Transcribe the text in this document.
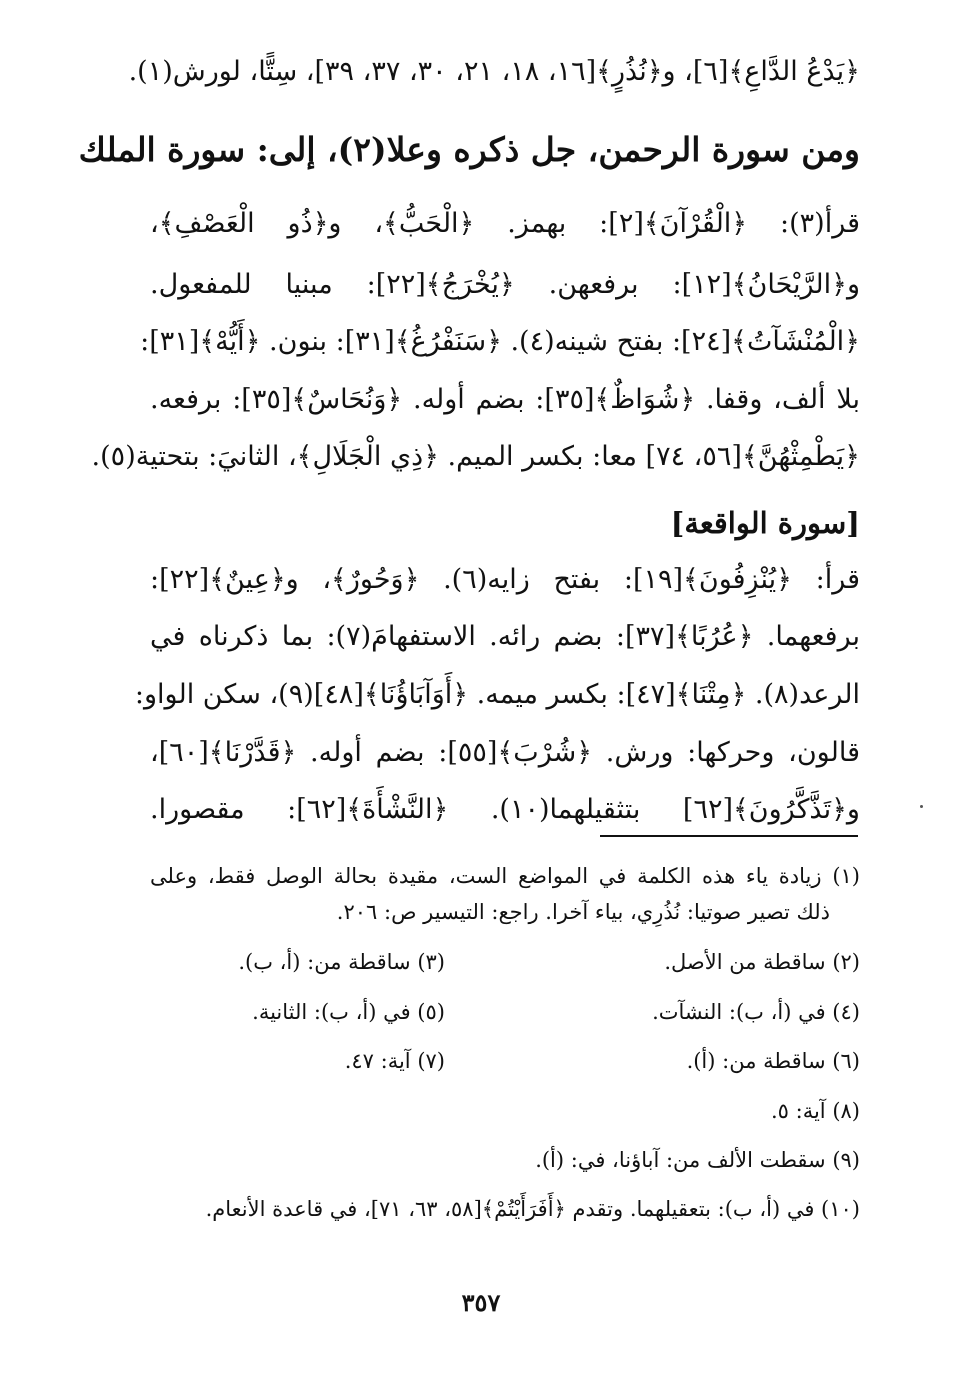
﴿يَدْعُ الدَّاعِ﴾[٦]، و﴿نُذُرٍ﴾[١٦، ١٨، ٢١، ٣٠، ٣٧، ٣٩]، سِتًّا، لورش(١).
ومن سورة الرحمن، جل ذكره وعلا(٢)، إلى: سورة الملك
قرأ(٣): ﴿الْقُرْآنَ﴾[٢]: بهمز. ﴿الْحَبُّ﴾، و﴿ذُو الْعَصْفِ﴾،
و﴿الرَّيْحَانُ﴾[١٢]: برفعهن. ﴿يُخْرَجُ﴾[٢٢]: مبنيا للمفعول.
﴿الْمُنْشَآتُ﴾[٢٤]: بفتح شينه(٤). ﴿سَنَفْرُغُ﴾[٣١]: بنون. ﴿أَيُّهْ﴾[٣١]:
بلا ألف، وقفا. ﴿شُوَاظٌ﴾[٣٥]: بضم أوله. ﴿وَنُحَاسٌ﴾[٣٥]: برفعه.
﴿يَطْمِثْهُنَّ﴾[٥٦، ٧٤] معا: بكسر الميم. ﴿ذِي الْجَلَالِ﴾، الثانيَ: بتحتية(٥).
[سورة الواقعة]
قرأ: ﴿يُنْزِفُونَ﴾[١٩]: بفتح زايه(٦). ﴿وَحُورٌ﴾، و﴿عِينٌ﴾[٢٢]:
برفعهما. ﴿عُرُبًا﴾[٣٧]: بضم رائه. الاستفهامَ(٧): بما ذكرناه في
الرعد(٨). ﴿مِتْنَا﴾[٤٧]: بكسر ميمه. ﴿أَوَآبَاؤُنَا﴾[٤٨](٩)، سكن الواو:
قالون، وحركها: ورش. ﴿شُرْبَ﴾[٥٥]: بضم أوله. ﴿قَدَّرْنَا﴾[٦٠]،
و﴿تَذَّكَّرُونَ﴾[٦٢] بتثقيلهما(١٠). ﴿النَّشْأَةَ﴾[٦٢]: مقصورا.
(١) زيادة ياء هذه الكلمة في المواضع الست، مقيدة بحالة الوصل فقط، وعلى
ذلك تصير صوتيا: نُذُرِي، بياء آخرا. راجع: التيسير ص: ٢٠٦.
(٢) ساقطة من الأصل.
(٣) ساقطة من: (أ، ب).
(٤) في (أ، ب): النشآت.
(٥) في (أ، ب): الثانية.
(٦) ساقطة من: (أ).
(٧) آية: ٤٧.
(٨) آية: ٥.
(٩) سقطت الألف من: آباؤنا، في: (أ).
(١٠) في (أ، ب): بتعقيلهما. وتقدم ﴿أَفَرَأَيْتُمْ﴾[٥٨، ٦٣، ٧١]، في قاعدة الأنعام.
٣٥٧
